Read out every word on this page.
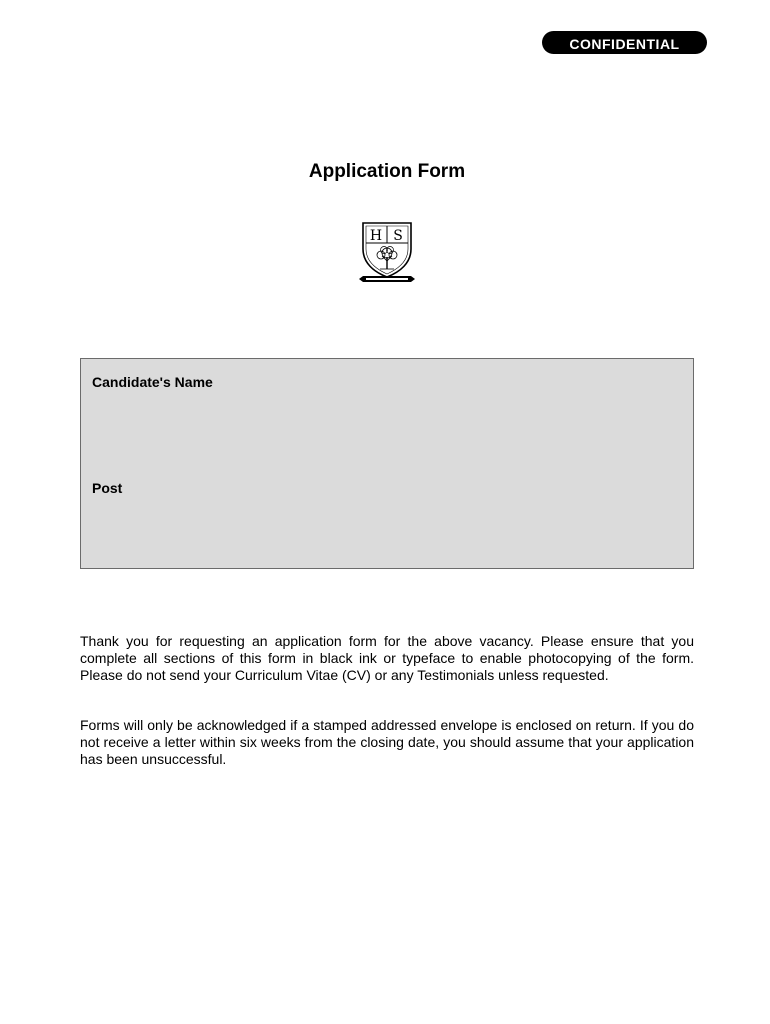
CONFIDENTIAL
Application Form
H S
Candidate's Name
Post
Thank you for requesting an application form for the above vacancy. Please ensure that you complete all sections of this form in black ink or typeface to enable photocopying of the form. Please do not send your Curriculum Vitae (CV) or any Testimonials unless requested.
Forms will only be acknowledged if a stamped addressed envelope is enclosed on return. If you do not receive a letter within six weeks from the closing date, you should assume that your application has been unsuccessful.
